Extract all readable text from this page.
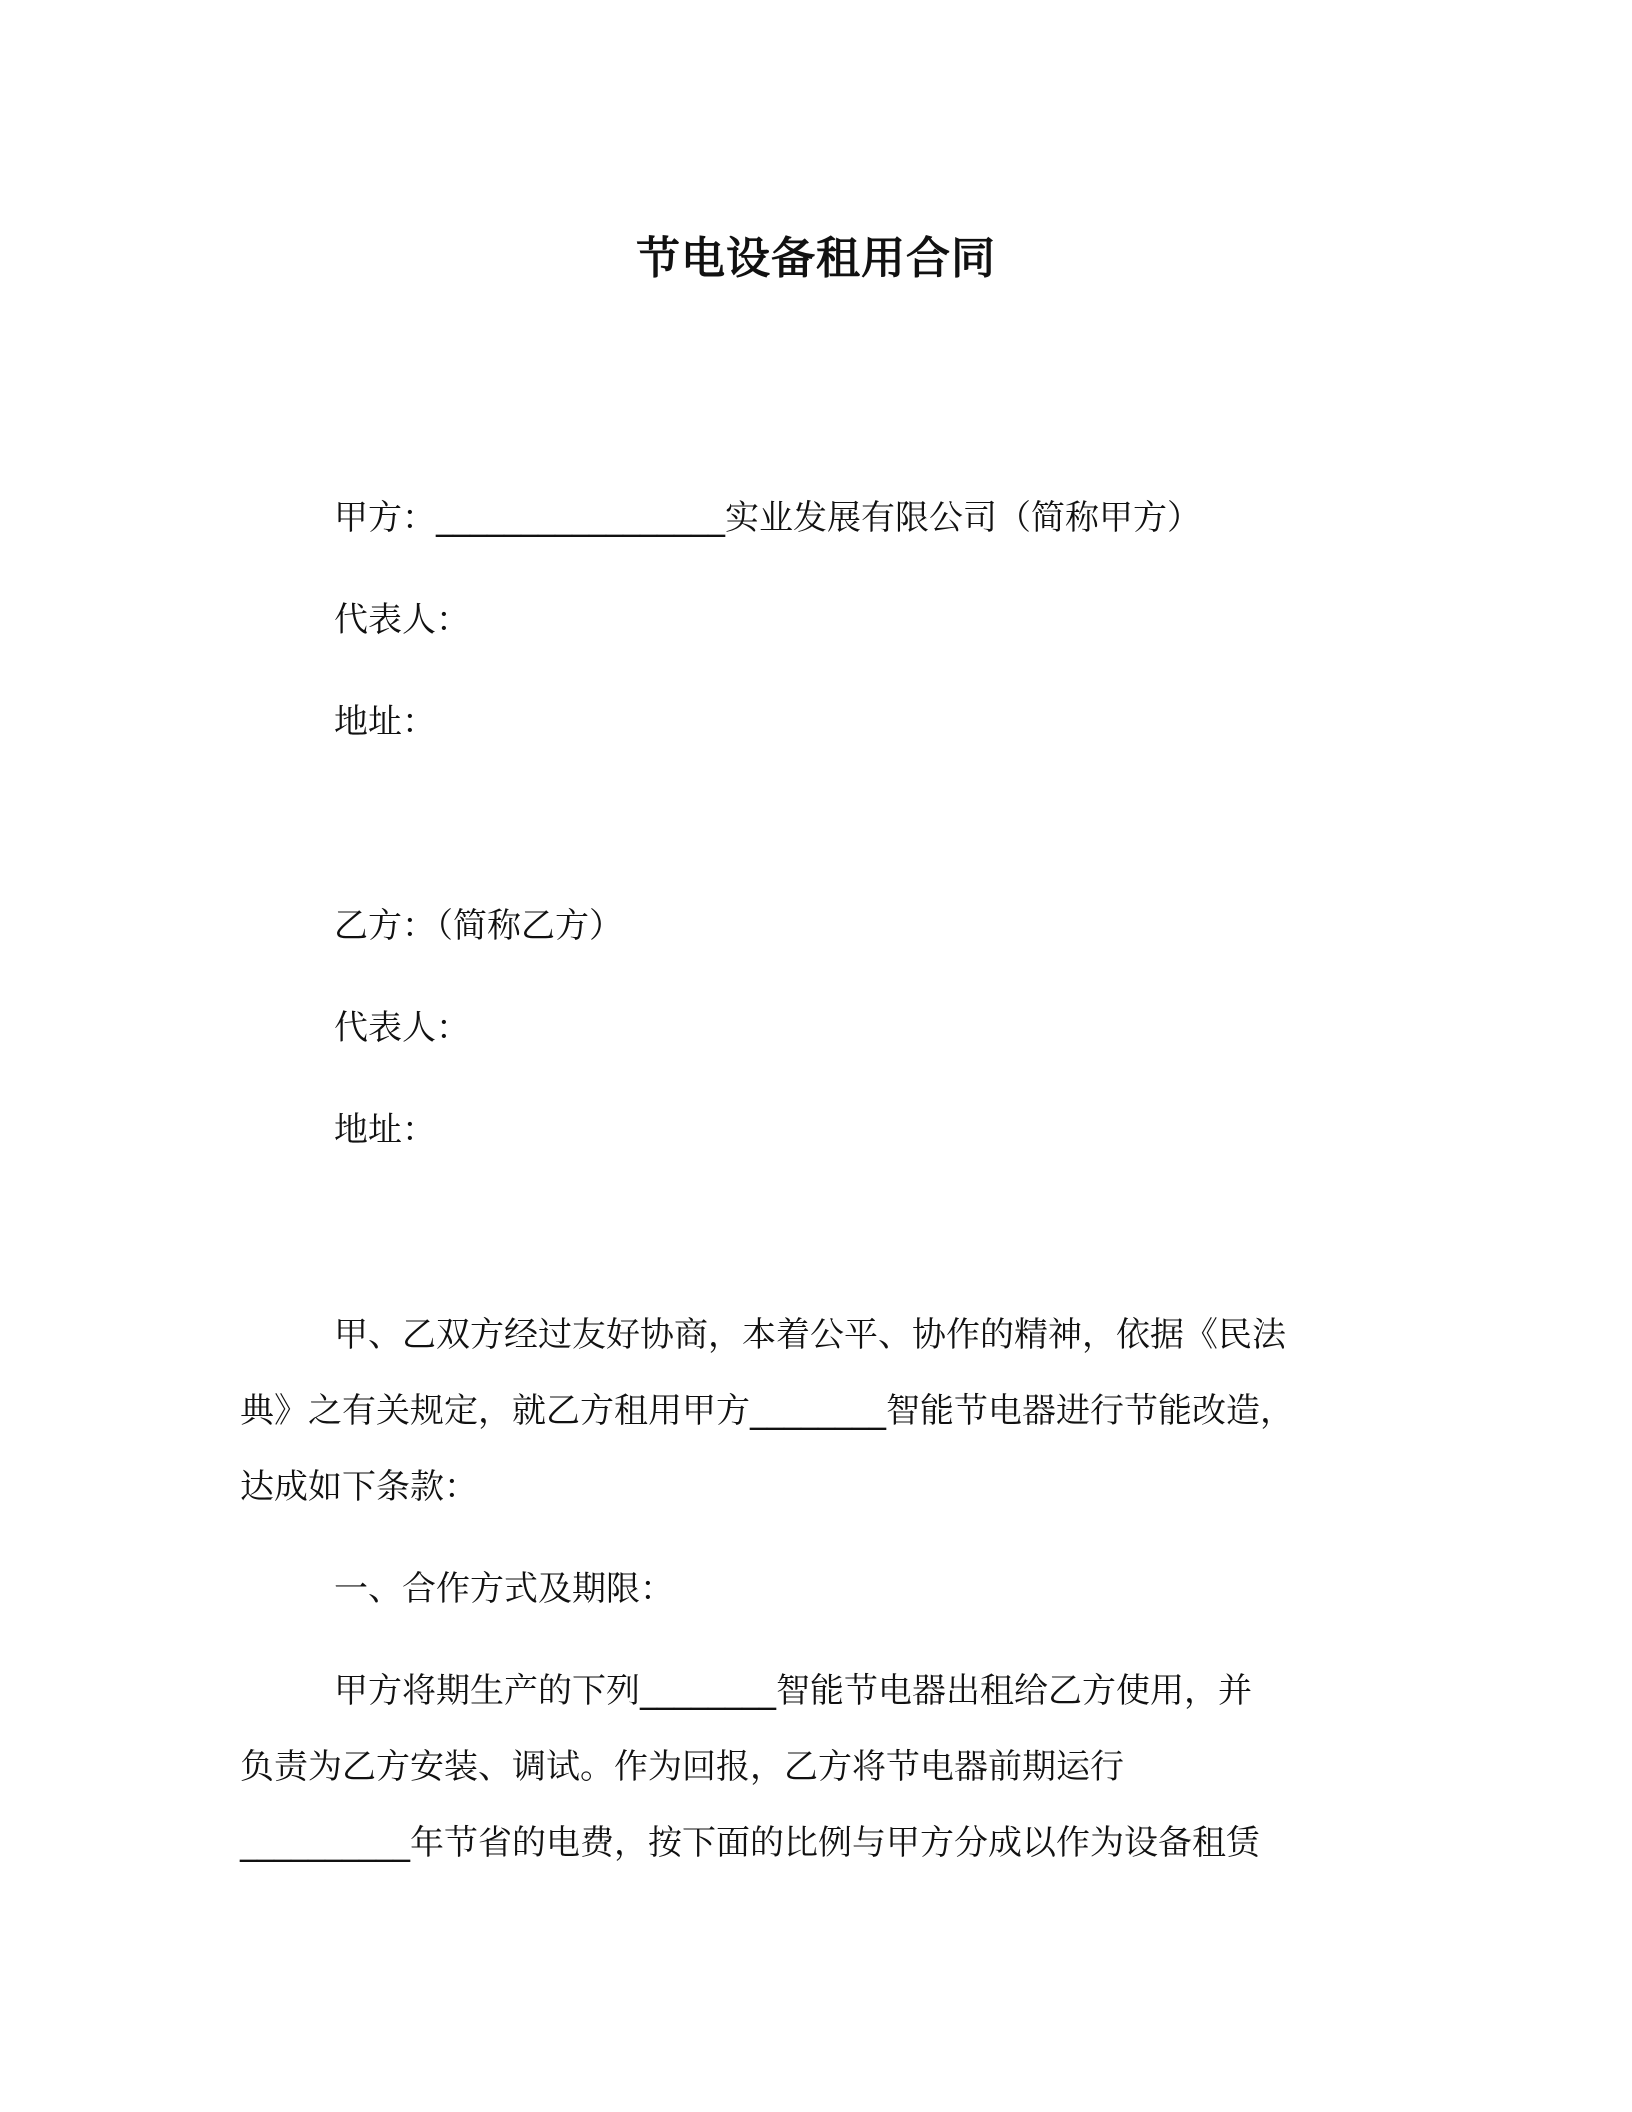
节电设备租用合同
甲方：_________________实业发展有限公司（简称甲方）
代表人：
地址：
乙方：（简称乙方）
代表人：
地址：
甲、乙双方经过友好协商，本着公平、协作的精神，依据《民法
典》之有关规定，就乙方租用甲方________智能节电器进行节能改造，
达成如下条款：
一、合作方式及期限：
甲方将期生产的下列________智能节电器出租给乙方使用，并
负责为乙方安装、调试。作为回报，乙方将节电器前期运行
__________年节省的电费，按下面的比例与甲方分成以作为设备租赁
